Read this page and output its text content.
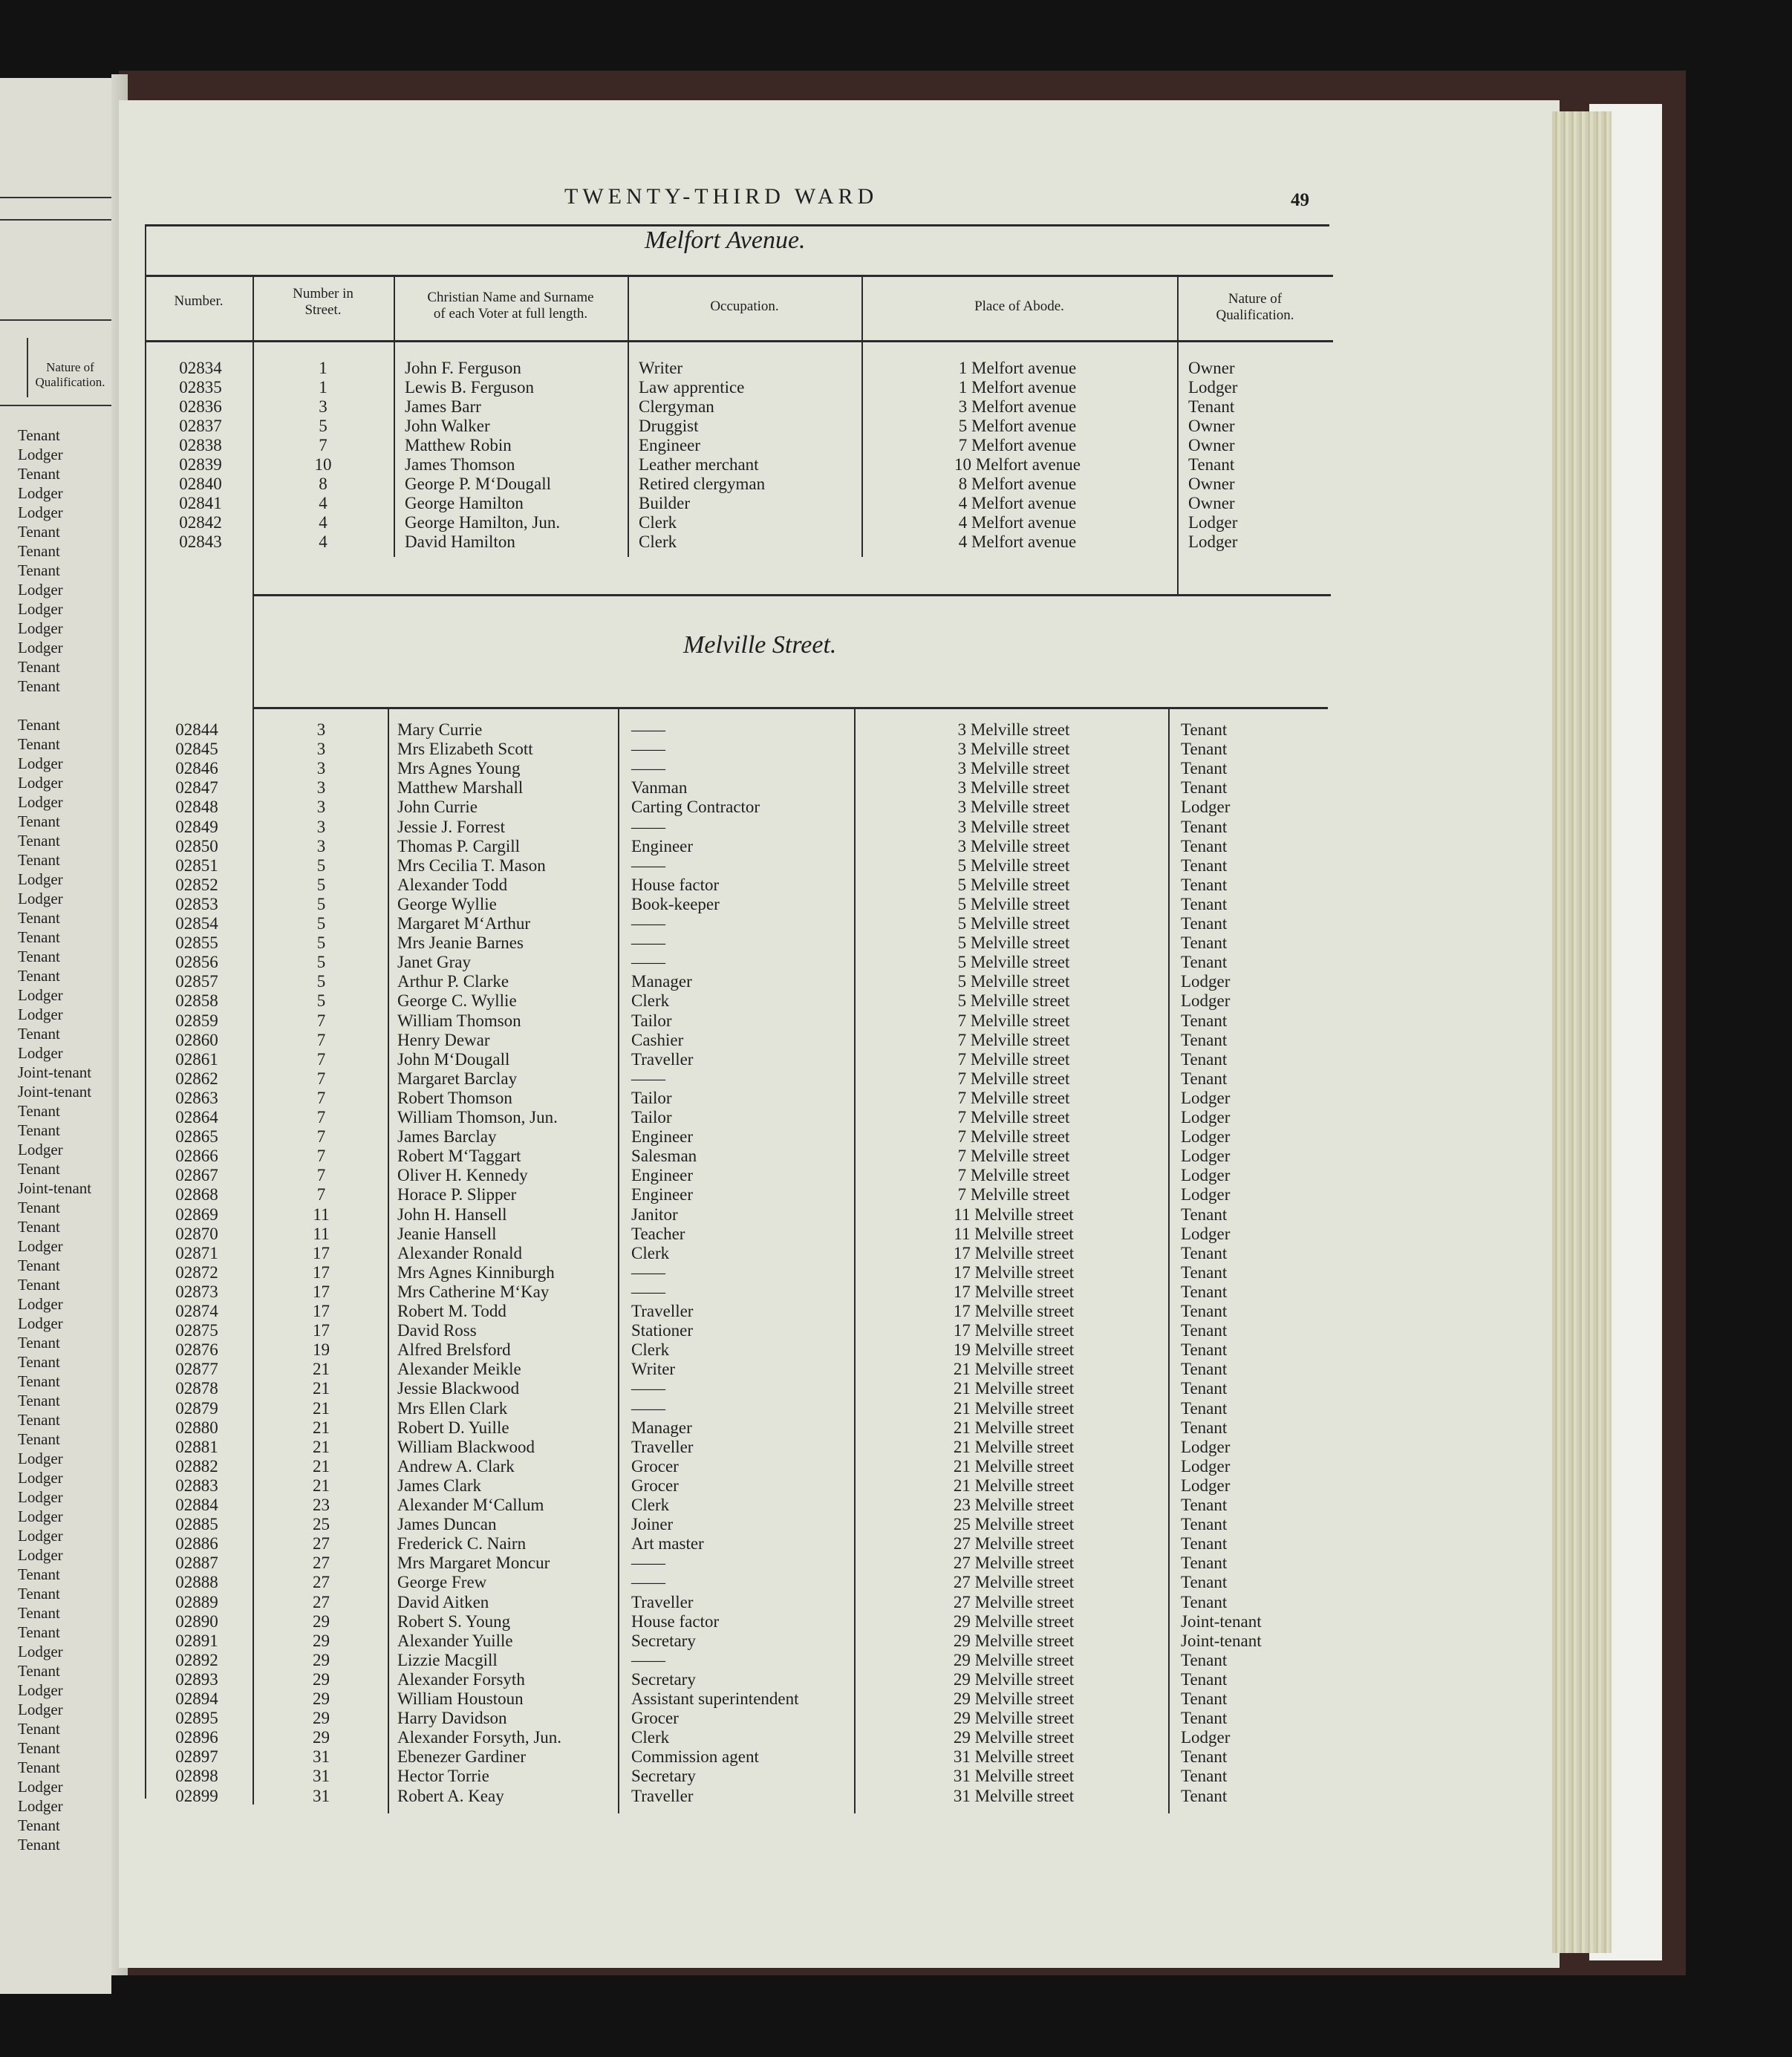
Nature of
Qualification.
Tenant
Lodger
Tenant
Lodger
Lodger
Tenant
Tenant
Tenant
Lodger
Lodger
Lodger
Lodger
Tenant
Tenant
Tenant
Tenant
Lodger
Lodger
Lodger
Tenant
Tenant
Tenant
Lodger
Lodger
Tenant
Tenant
Tenant
Tenant
Lodger
Lodger
Tenant
Lodger
Joint-tenant
Joint-tenant
Tenant
Tenant
Lodger
Tenant
Joint-tenant
Tenant
Tenant
Lodger
Tenant
Tenant
Lodger
Lodger
Tenant
Tenant
Tenant
Tenant
Tenant
Tenant
Lodger
Lodger
Lodger
Lodger
Lodger
Lodger
Tenant
Tenant
Tenant
Tenant
Lodger
Tenant
Lodger
Lodger
Tenant
Tenant
Tenant
Lodger
Lodger
Tenant
Tenant
TWENTY-THIRD WARD	49
Melfort Avenue.
Melville Street.
Number.	Number in
Street.
Christian Name and Surname
of each Voter at full length.	Occupation.	Place of Abode.	Nature of
Qualification.
02834	1	John F. Ferguson	Writer	1 Melfort avenue	Owner
02835	1	Lewis B. Ferguson	Law apprentice	1 Melfort avenue	Lodger
02836	3	James Barr	Clergyman	3 Melfort avenue	Tenant
02837	5	John Walker	Druggist	5 Melfort avenue	Owner
02838	7	Matthew Robin	Engineer	7 Melfort avenue	Owner
02839	10	James Thomson	Leather merchant	10 Melfort avenue	Tenant
02840	8	George P. M‘Dougall	Retired clergyman	8 Melfort avenue	Owner
02841	4	George Hamilton	Builder	4 Melfort avenue	Owner
02842	4	George Hamilton, Jun.	Clerk	4 Melfort avenue	Lodger
02843	4	David Hamilton	Clerk	4 Melfort avenue	Lodger
02844	3	Mary Currie	——	3 Melville street	Tenant
02845	3	Mrs Elizabeth Scott	——	3 Melville street	Tenant
02846	3	Mrs Agnes Young	——	3 Melville street	Tenant
02847	3	Matthew Marshall	Vanman	3 Melville street	Tenant
02848	3	John Currie	Carting Contractor	3 Melville street	Lodger
02849	3	Jessie J. Forrest	——	3 Melville street	Tenant
02850	3	Thomas P. Cargill	Engineer	3 Melville street	Tenant
02851	5	Mrs Cecilia T. Mason	——	5 Melville street	Tenant
02852	5	Alexander Todd	House factor	5 Melville street	Tenant
02853	5	George Wyllie	Book-keeper	5 Melville street	Tenant
02854	5	Margaret M‘Arthur	——	5 Melville street	Tenant
02855	5	Mrs Jeanie Barnes	——	5 Melville street	Tenant
02856	5	Janet Gray	——	5 Melville street	Tenant
02857	5	Arthur P. Clarke	Manager	5 Melville street	Lodger
02858	5	George C. Wyllie	Clerk	5 Melville street	Lodger
02859	7	William Thomson	Tailor	7 Melville street	Tenant
02860	7	Henry Dewar	Cashier	7 Melville street	Tenant
02861	7	John M‘Dougall	Traveller	7 Melville street	Tenant
02862	7	Margaret Barclay	——	7 Melville street	Tenant
02863	7	Robert Thomson	Tailor	7 Melville street	Lodger
02864	7	William Thomson, Jun.	Tailor	7 Melville street	Lodger
02865	7	James Barclay	Engineer	7 Melville street	Lodger
02866	7	Robert M‘Taggart	Salesman	7 Melville street	Lodger
02867	7	Oliver H. Kennedy	Engineer	7 Melville street	Lodger
02868	7	Horace P. Slipper	Engineer	7 Melville street	Lodger
02869	11	John H. Hansell	Janitor	11 Melville street	Tenant
02870	11	Jeanie Hansell	Teacher	11 Melville street	Lodger
02871	17	Alexander Ronald	Clerk	17 Melville street	Tenant
02872	17	Mrs Agnes Kinniburgh	——	17 Melville street	Tenant
02873	17	Mrs Catherine M‘Kay	——	17 Melville street	Tenant
02874	17	Robert M. Todd	Traveller	17 Melville street	Tenant
02875	17	David Ross	Stationer	17 Melville street	Tenant
02876	19	Alfred Brelsford	Clerk	19 Melville street	Tenant
02877	21	Alexander Meikle	Writer	21 Melville street	Tenant
02878	21	Jessie Blackwood	——	21 Melville street	Tenant
02879	21	Mrs Ellen Clark	——	21 Melville street	Tenant
02880	21	Robert D. Yuille	Manager	21 Melville street	Tenant
02881	21	William Blackwood	Traveller	21 Melville street	Lodger
02882	21	Andrew A. Clark	Grocer	21 Melville street	Lodger
02883	21	James Clark	Grocer	21 Melville street	Lodger
02884	23	Alexander M‘Callum	Clerk	23 Melville street	Tenant
02885	25	James Duncan	Joiner	25 Melville street	Tenant
02886	27	Frederick C. Nairn	Art master	27 Melville street	Tenant
02887	27	Mrs Margaret Moncur	——	27 Melville street	Tenant
02888	27	George Frew	——	27 Melville street	Tenant
02889	27	David Aitken	Traveller	27 Melville street	Tenant
02890	29	Robert S. Young	House factor	29 Melville street	Joint-tenant
02891	29	Alexander Yuille	Secretary	29 Melville street	Joint-tenant
02892	29	Lizzie Macgill	——	29 Melville street	Tenant
02893	29	Alexander Forsyth	Secretary	29 Melville street	Tenant
02894	29	William Houstoun	Assistant superintendent	29 Melville street	Tenant
02895	29	Harry Davidson	Grocer	29 Melville street	Tenant
02896	29	Alexander Forsyth, Jun.	Clerk	29 Melville street	Lodger
02897	31	Ebenezer Gardiner	Commission agent	31 Melville street	Tenant
02898	31	Hector Torrie	Secretary	31 Melville street	Tenant
02899	31	Robert A. Keay	Traveller	31 Melville street	Tenant
